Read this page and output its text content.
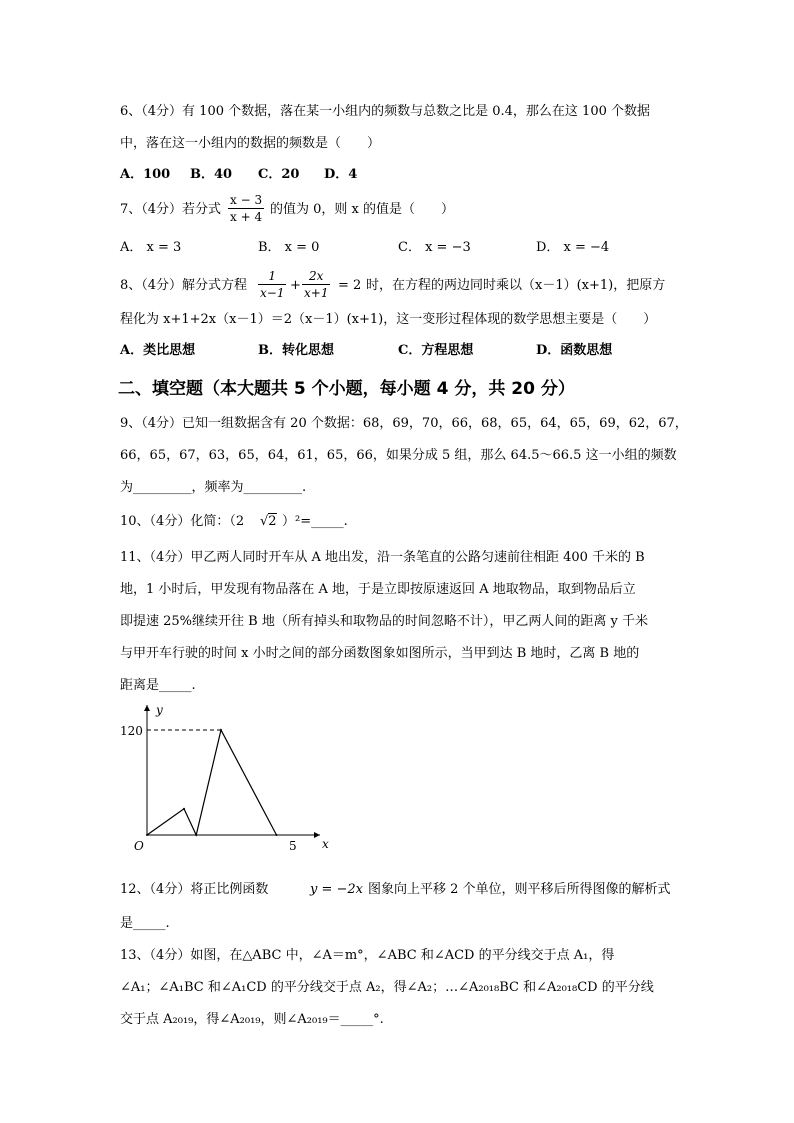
6、（4分）有 100 个数据，落在某一小组内的频数与总数之比是 0.4，那么在这 100 个数据
中，落在这一小组内的数据的频数是（　　）
A．100 B．40 C．20 D．4
7、（4分）若分式 $\frac{x - 3}{x + 4}$ 的值为 0，则 x 的值是（　　）
A． x = 3	B． x = 0	C． x = −3	D． x = −4
8、（4分）解分式方程 $\frac{1}{x-1} + \frac{2x}{x+1} = 2$ 时，在方程的两边同时乘以（x－1）(x+1)，把原方
程化为 x+1+2x（x－1）＝2（x－1）(x+1)，这一变形过程体现的数学思想主要是（　　）
A．类比思想	B．转化思想	C．方程思想	D．函数思想
二、填空题（本大题共 5 个小题，每小题 4 分，共 20 分）
9、（4分）已知一组数据含有 20 个数据：68，69，70，66，68，65，64，65，69，62，67，
66，65，67，63，65，64，61，65，66，如果分成 5 组，那么 64.5～66.5 这一小组的频数
为_________，频率为_________.
10、（4分）化简：（2 √2 ）²=_____.
11、（4分）甲乙两人同时开车从 A 地出发，沿一条笔直的公路匀速前往相距 400 千米的 B
地，1 小时后，甲发现有物品落在 A 地，于是立即按原速返回 A 地取物品，取到物品后立
即提速 25%继续开往 B 地（所有掉头和取物品的时间忽略不计），甲乙两人间的距离 y 千米
与甲开车行驶的时间 x 小时之间的部分函数图象如图所示，当甲到达 B 地时，乙离 B 地的
距离是_____.
y
x
O
120
5
12、（4分）将正比例函数	y = −2x 图象向上平移 2 个单位，则平移后所得图像的解析式
是_____.
13、（4分）如图，在△ABC 中，∠A＝m°，∠ABC 和∠ACD 的平分线交于点 A₁，得
∠A₁；∠A₁BC 和∠A₁CD 的平分线交于点 A₂，得∠A₂；…∠A₂₀₁₈BC 和∠A₂₀₁₈CD 的平分线
交于点 A₂₀₁₉，得∠A₂₀₁₉，则∠A₂₀₁₉＝_____°.
